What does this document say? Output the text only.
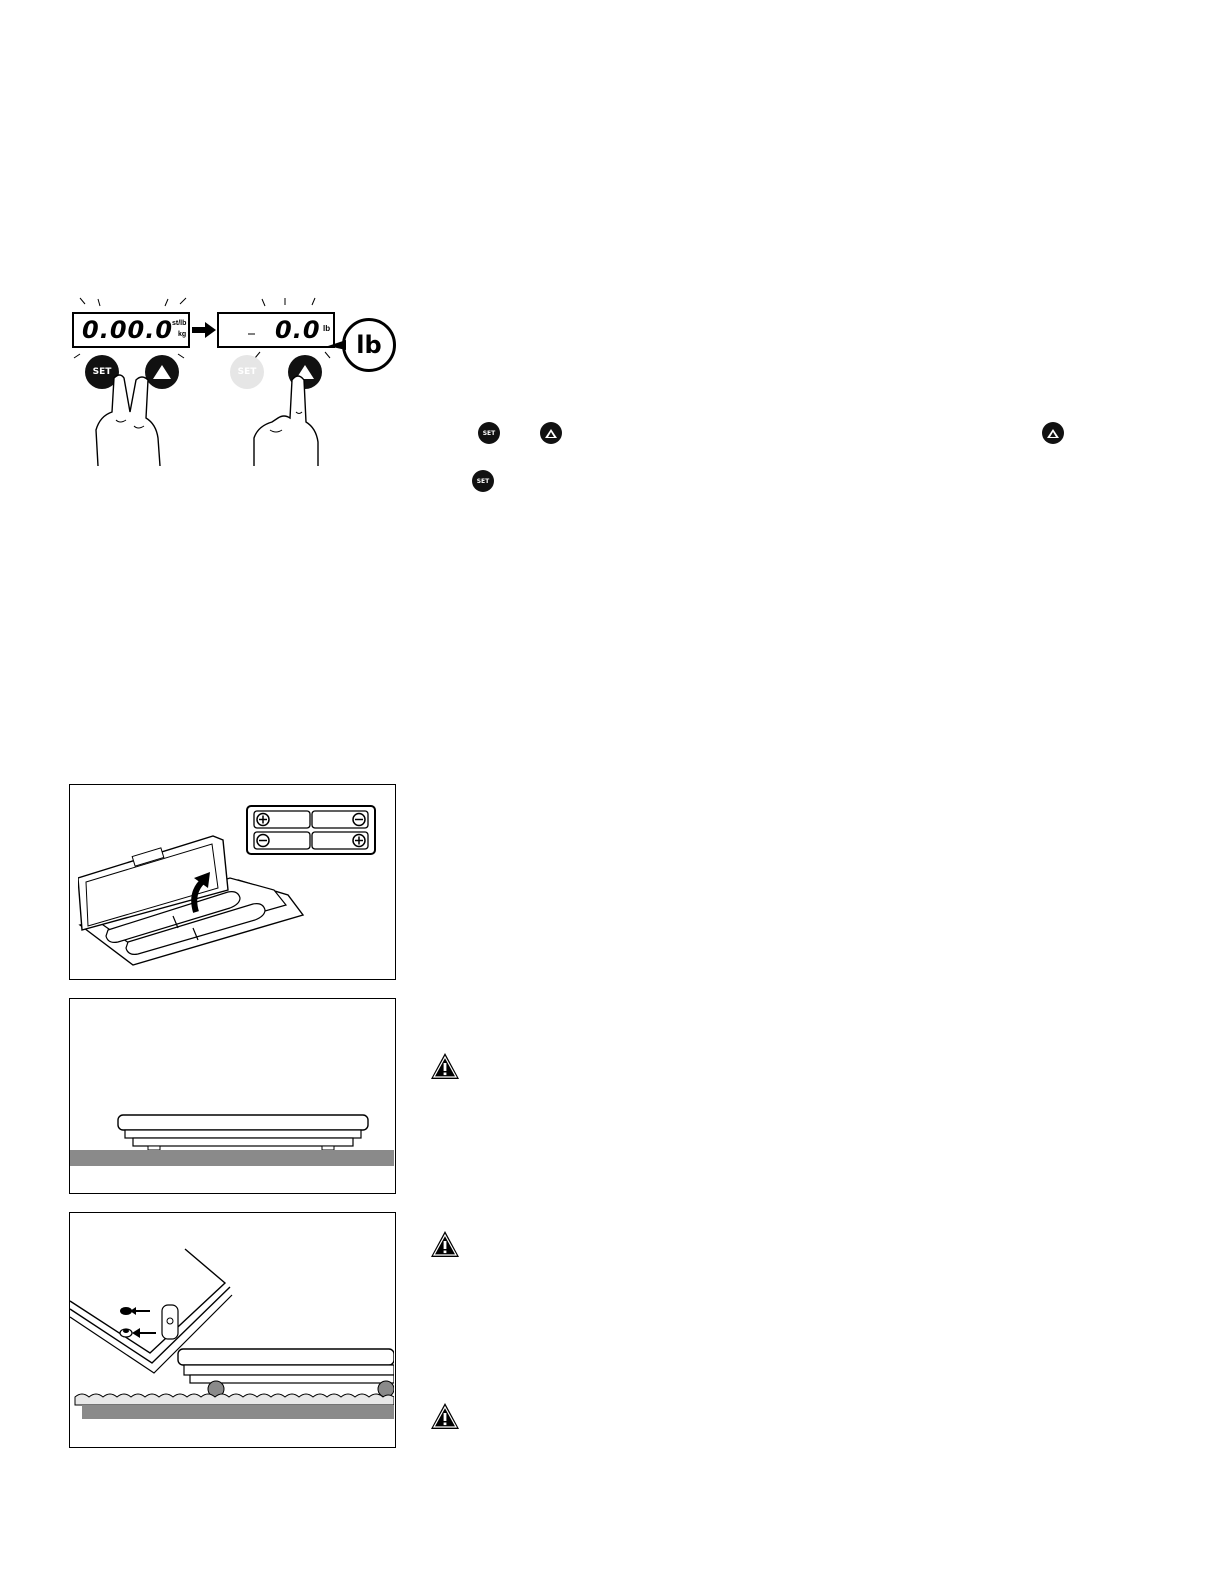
0.00.0
st/lb
kg	0.0 lb
lb
SET	SET
SET
SET
